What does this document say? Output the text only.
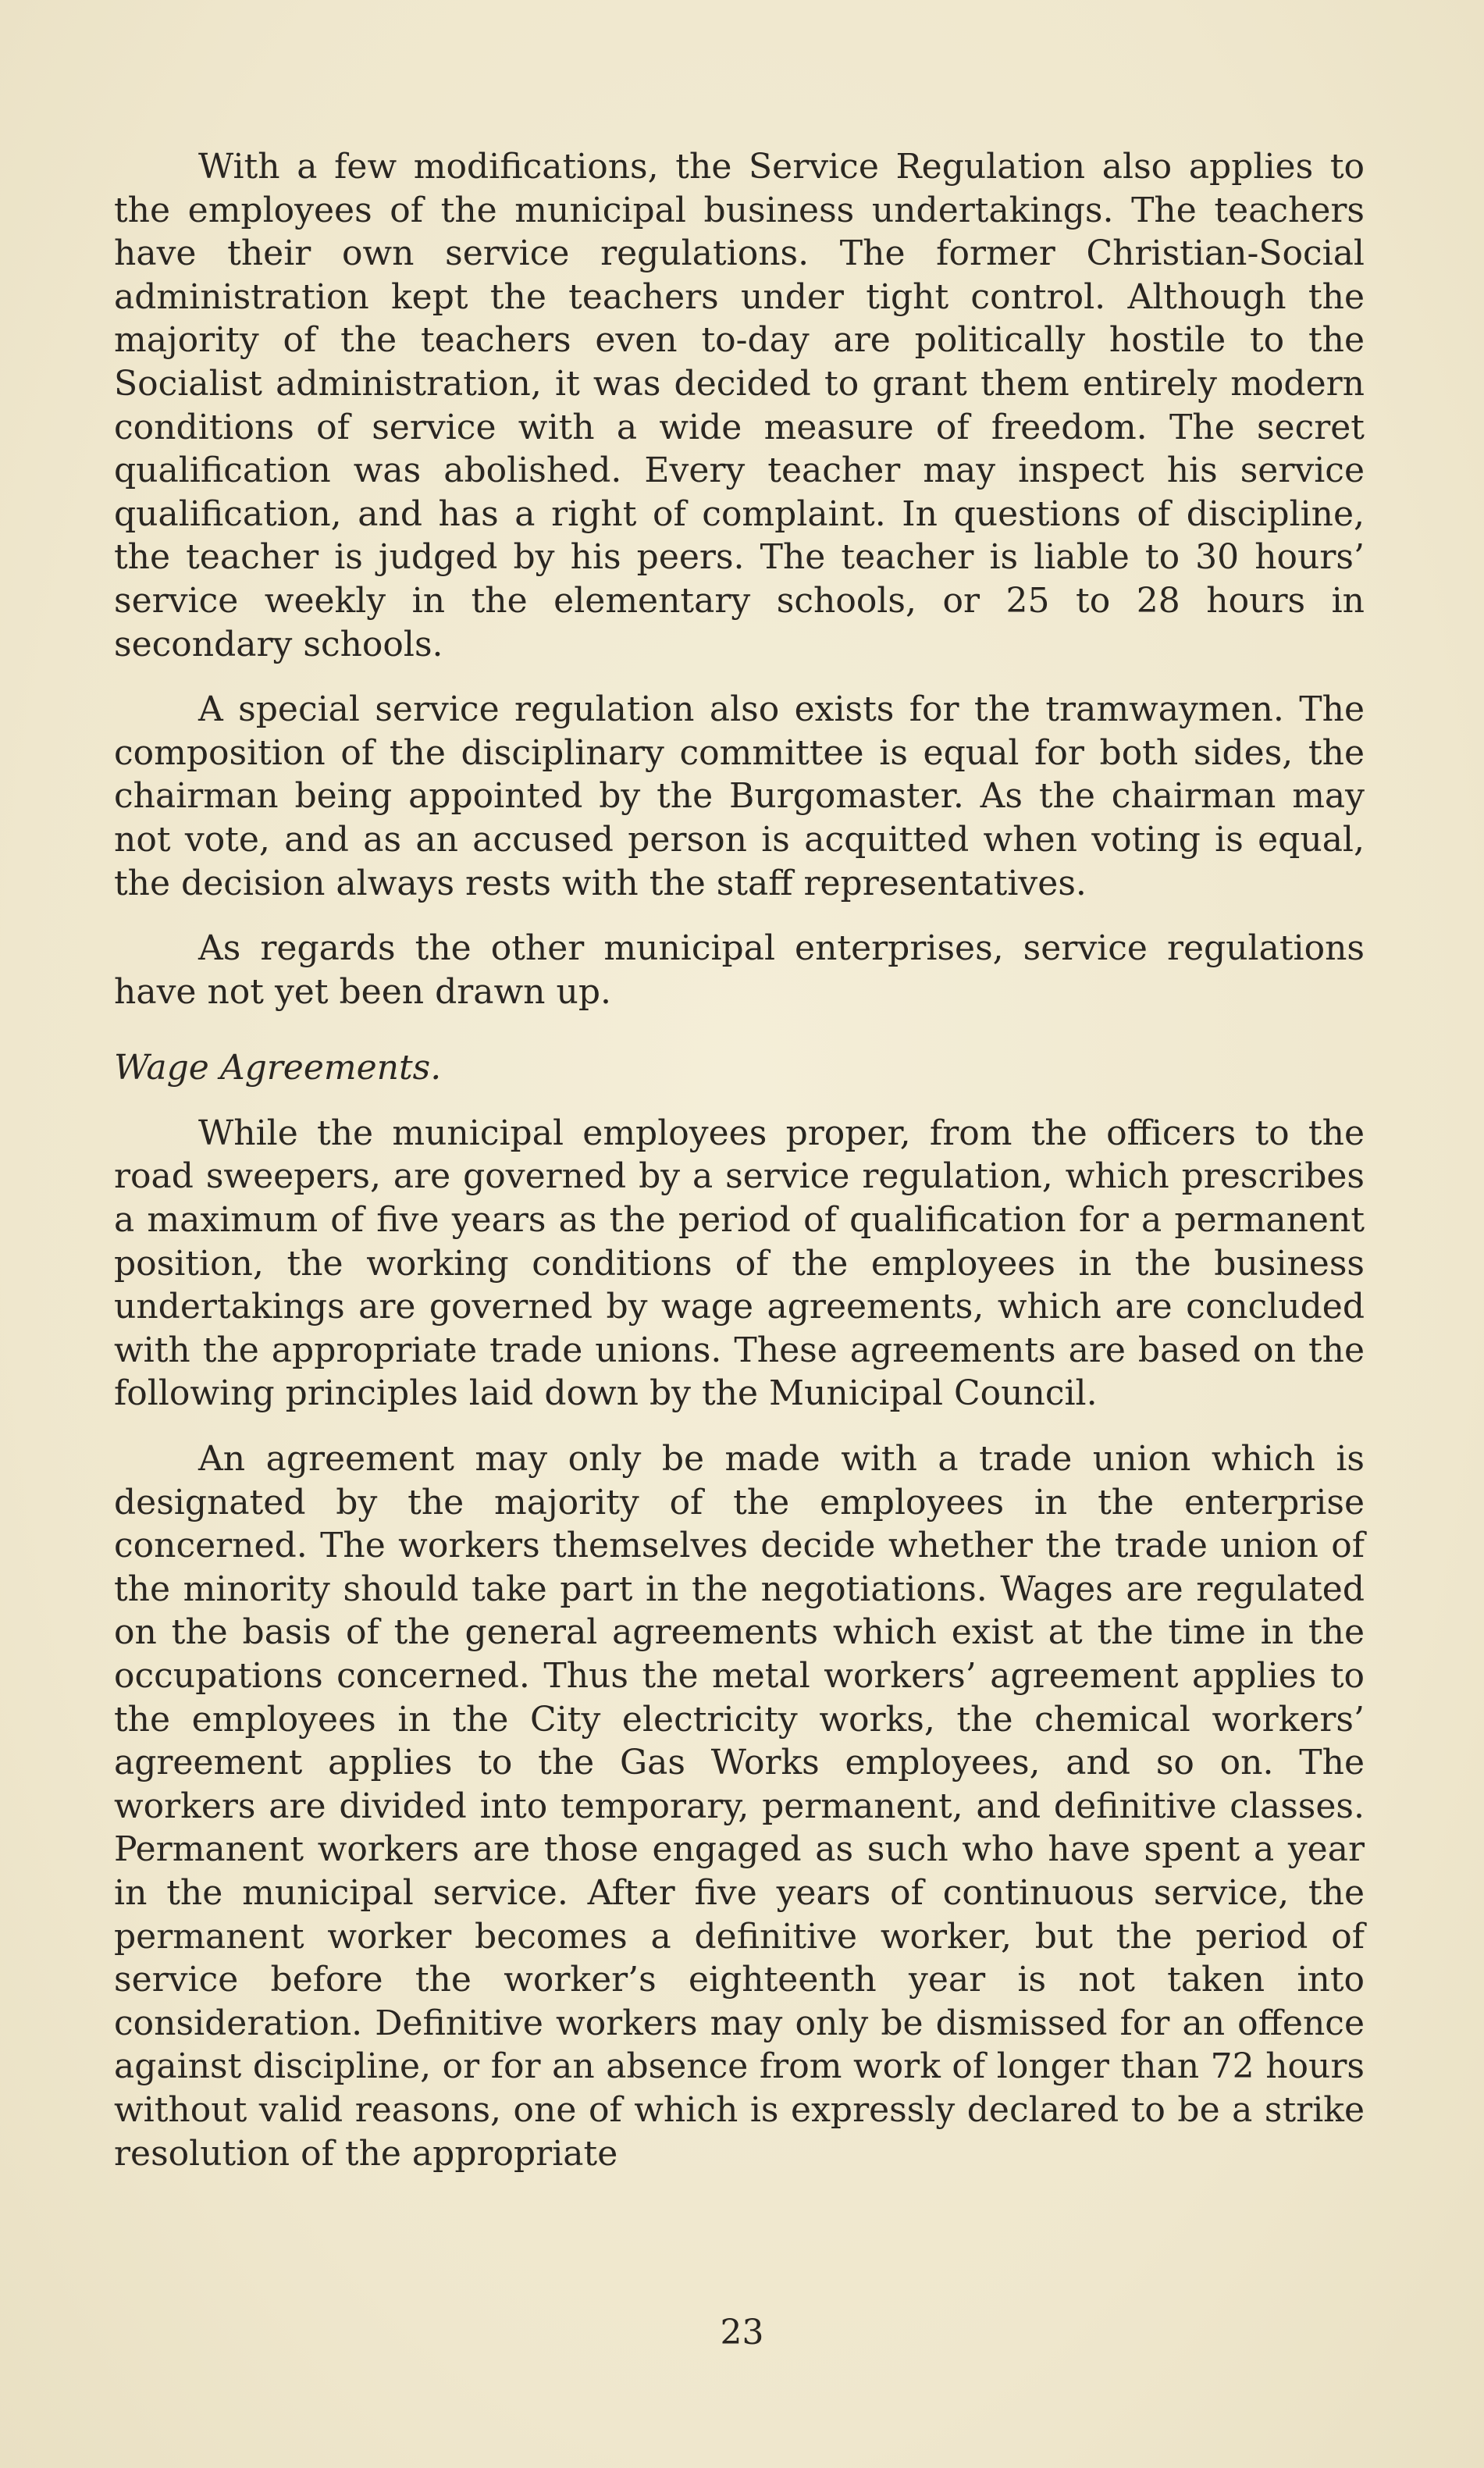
With a few modifications, the Service Regulation also applies to the employees of the municipal business undertakings. The teachers have their own service regulations. The former Christian-Social administration kept the teachers under tight control. Although the majority of the teachers even to-day are politically hostile to the Socialist administration, it was decided to grant them entirely modern conditions of service with a wide measure of freedom. The secret qualification was abolished. Every teacher may inspect his service qualification, and has a right of complaint. In questions of discipline, the teacher is judged by his peers. The teacher is liable to 30 hours’ service weekly in the elementary schools, or 25 to 28 hours in secondary schools.

A special service regulation also exists for the tramwaymen. The composition of the disciplinary committee is equal for both sides, the chairman being appointed by the Burgomaster. As the chairman may not vote, and as an accused person is acquitted when voting is equal, the decision always rests with the staff representatives.

As regards the other municipal enterprises, service regulations have not yet been drawn up.

Wage Agreements.

While the municipal employees proper, from the officers to the road sweepers, are governed by a service regulation, which prescribes a maximum of five years as the period of qualification for a permanent position, the working conditions of the employees in the business undertakings are governed by wage agreements, which are concluded with the appropriate trade unions. These agreements are based on the following principles laid down by the Municipal Council.

An agreement may only be made with a trade union which is designated by the majority of the employees in the enterprise concerned. The workers themselves decide whether the trade union of the minority should take part in the negotiations. Wages are regulated on the basis of the general agreements which exist at the time in the occupations concerned. Thus the metal workers’ agreement applies to the employees in the City electricity works, the chemical workers’ agreement applies to the Gas Works employees, and so on. The workers are divided into temporary, permanent, and definitive classes. Permanent workers are those engaged as such who have spent a year in the municipal service. After five years of continuous service, the permanent worker becomes a definitive worker, but the period of service before the worker’s eighteenth year is not taken into consideration. Definitive workers may only be dismissed for an offence against discipline, or for an absence from work of longer than 72 hours without valid reasons, one of which is expressly declared to be a strike resolution of the appropriate

23
